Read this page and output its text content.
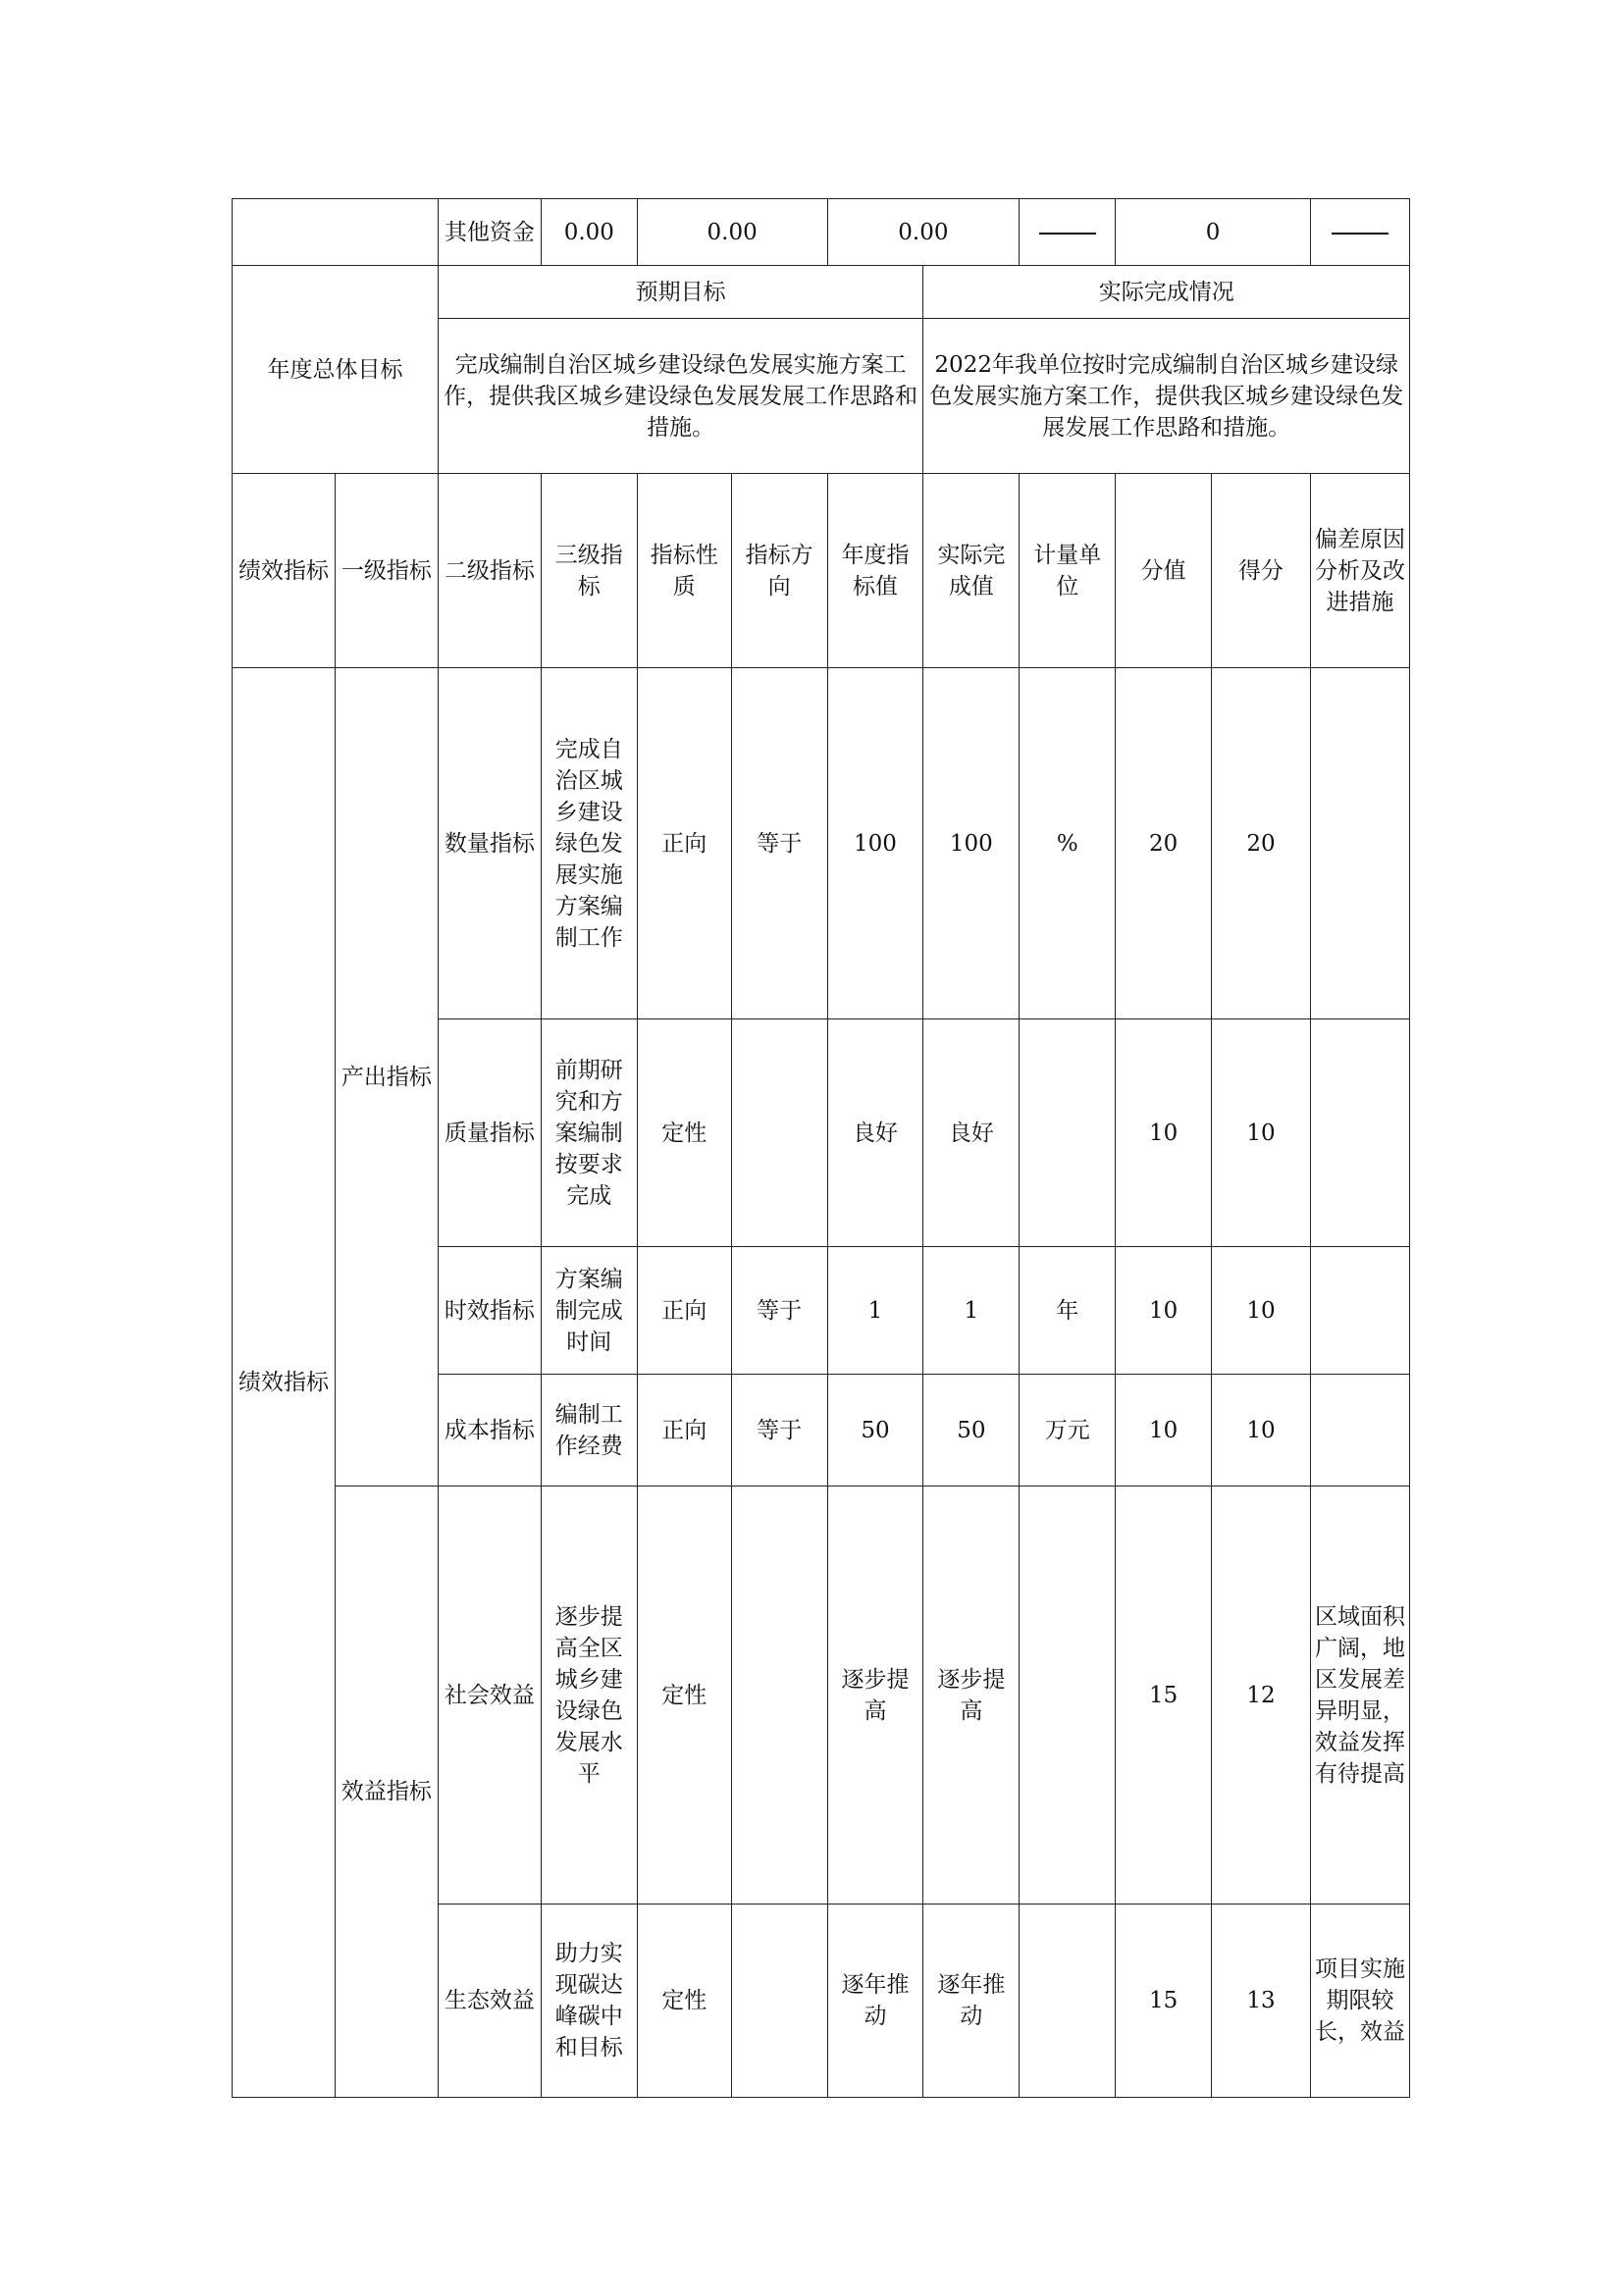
		其他资金	0.00	0.00		0.00			0		
年度总体目标		预期目标					实际完成情况				
		完成编制自治区城乡建设绿色发展实施方案工作，提供我区城乡建设绿色发展发展工作思路和措施。					2022年我单位按时完成编制自治区城乡建设绿色发展实施方案工作，提供我区城乡建设绿色发展发展工作思路和措施。				
绩效指标	一级指标	二级指标	三级指标	指标性质	指标方向	年度指标值	实际完成值	计量单位	分值	得分	偏差原因分析及改进措施
绩效指标	产出指标	数量指标	完成自治区城乡建设绿色发展实施方案编制工作	正向	等于	100	100	%	20	20	
		质量指标	前期研究和方案编制按要求完成	定性		良好	良好		10	10	
		时效指标	方案编制完成时间	正向	等于	1	1	年	10	10	
		成本指标	编制工作经费	正向	等于	50	50	万元	10	10	
	效益指标	社会效益	逐步提高全区城乡建设绿色发展水平	定性		逐步提高	逐步提高		15	12	区域面积广阔，地区发展差异明显，效益发挥有待提高
		生态效益	助力实现碳达峰碳中和目标	定性		逐年推动	逐年推动		15	13	项目实施期限较长，效益
